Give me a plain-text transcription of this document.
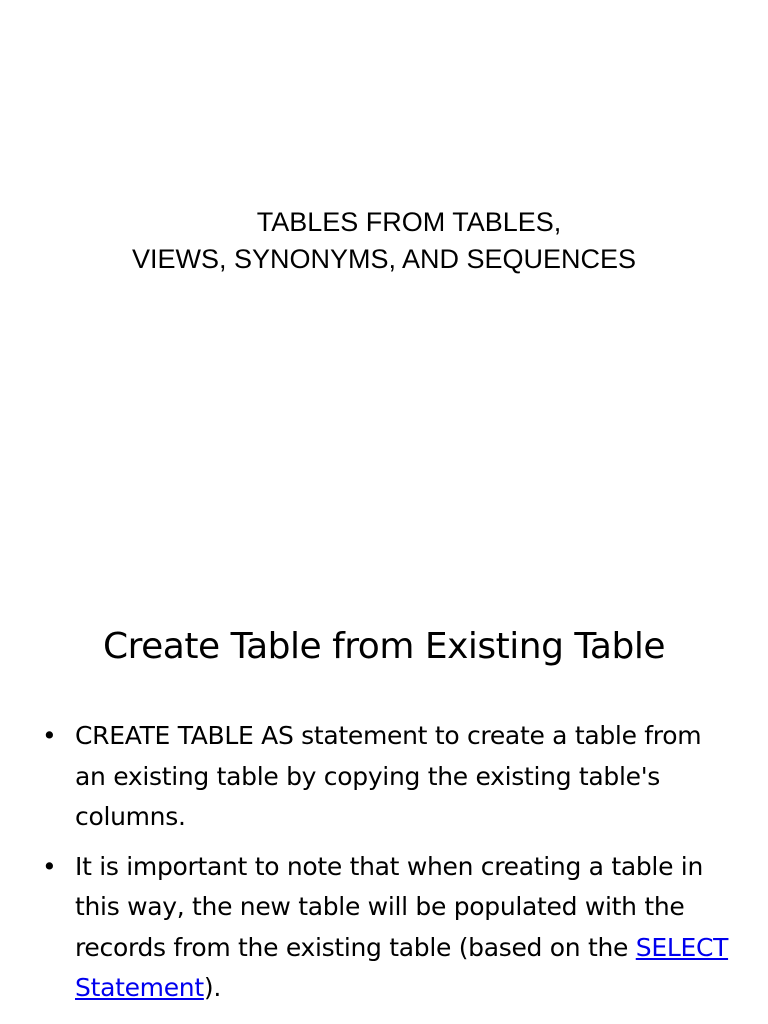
TABLES FROM TABLES,
VIEWS, SYNONYMS, AND SEQUENCES
Create Table from Existing Table
• CREATE TABLE AS statement to create a table from an existing table by copying the existing table's columns.
• It is important to note that when creating a table in this way, the new table will be populated with the records from the existing table (based on the SELECT Statement).
